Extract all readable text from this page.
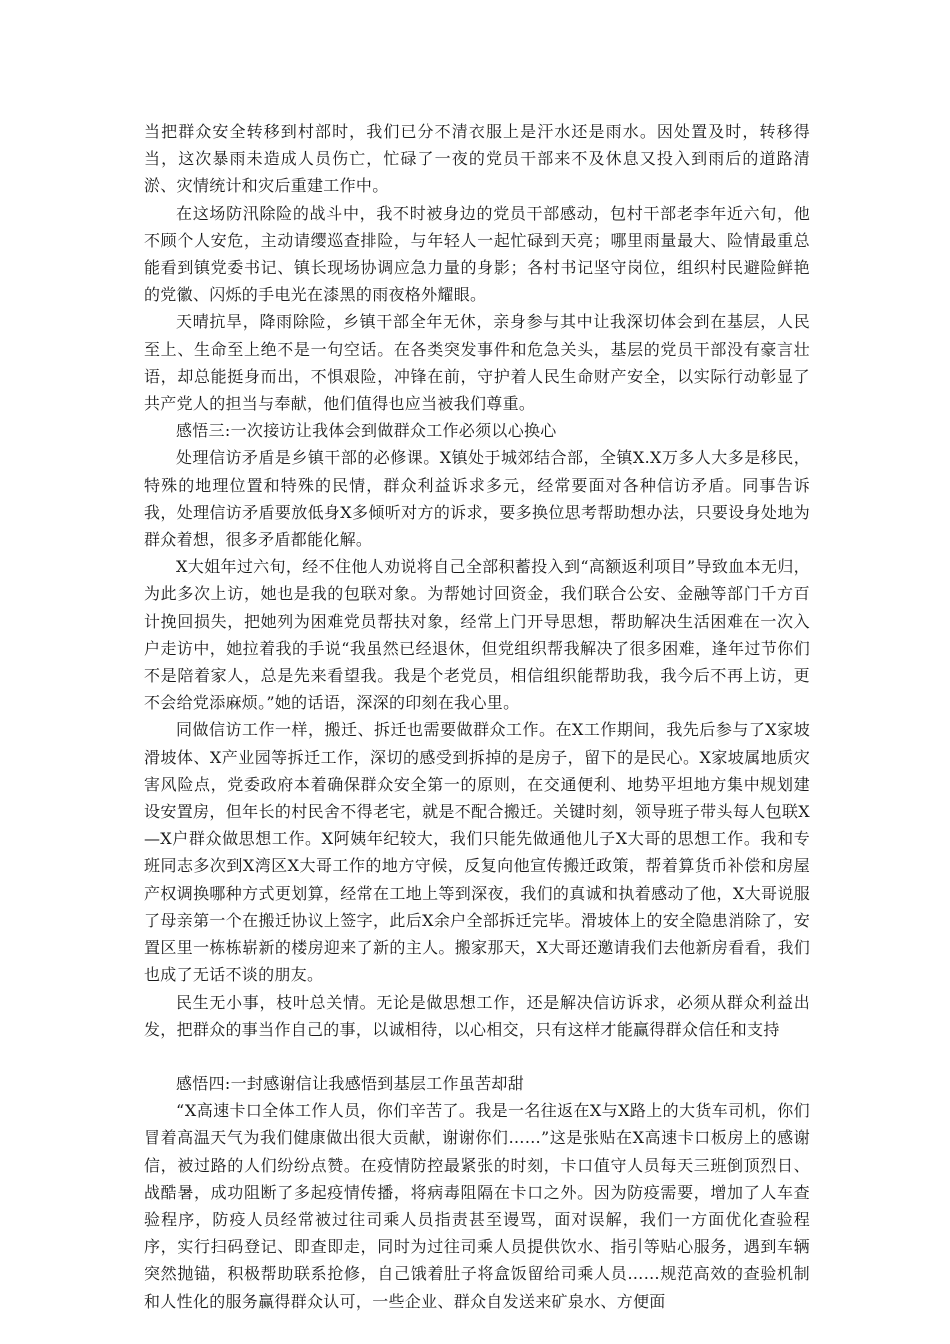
当把群众安全转移到村部时，我们已分不清衣服上是汗水还是雨水。因处置及时，转移得当，这次暴雨未造成人员伤亡，忙碌了一夜的党员干部来不及休息又投入到雨后的道路清淤、灾情统计和灾后重建工作中。

在这场防汛除险的战斗中，我不时被身边的党员干部感动，包村干部老李年近六旬，他不顾个人安危，主动请缨巡查排险，与年轻人一起忙碌到天亮；哪里雨量最大、险情最重总能看到镇党委书记、镇长现场协调应急力量的身影；各村书记坚守岗位，组织村民避险鲜艳的党徽、闪烁的手电光在漆黑的雨夜格外耀眼。

天晴抗旱，降雨除险，乡镇干部全年无休，亲身参与其中让我深切体会到在基层，人民至上、生命至上绝不是一句空话。在各类突发事件和危急关头，基层的党员干部没有豪言壮语，却总能挺身而出，不惧艰险，冲锋在前，守护着人民生命财产安全，以实际行动彰显了共产党人的担当与奉献，他们值得也应当被我们尊重。

感悟三:一次接访让我体会到做群众工作必须以心换心

处理信访矛盾是乡镇干部的必修课。X镇处于城郊结合部，全镇X.X万多人大多是移民，特殊的地理位置和特殊的民情，群众利益诉求多元，经常要面对各种信访矛盾。同事告诉我，处理信访矛盾要放低身X多倾听对方的诉求，要多换位思考帮助想办法，只要设身处地为群众着想，很多矛盾都能化解。

X大姐年过六旬，经不住他人劝说将自己全部积蓄投入到“高额返利项目”导致血本无归，为此多次上访，她也是我的包联对象。为帮她讨回资金，我们联合公安、金融等部门千方百计挽回损失，把她列为困难党员帮扶对象，经常上门开导思想，帮助解决生活困难在一次入户走访中，她拉着我的手说“我虽然已经退休，但党组织帮我解决了很多困难，逢年过节你们不是陪着家人，总是先来看望我。我是个老党员，相信组织能帮助我，我今后不再上访，更不会给党添麻烦。”她的话语，深深的印刻在我心里。

同做信访工作一样，搬迁、拆迁也需要做群众工作。在X工作期间，我先后参与了X家坡滑坡体、X产业园等拆迁工作，深切的感受到拆掉的是房子，留下的是民心。X家坡属地质灾害风险点，党委政府本着确保群众安全第一的原则，在交通便利、地势平坦地方集中规划建设安置房，但年长的村民舍不得老宅，就是不配合搬迁。关键时刻，领导班子带头每人包联X—X户群众做思想工作。X阿姨年纪较大，我们只能先做通他儿子X大哥的思想工作。我和专班同志多次到X湾区X大哥工作的地方守候，反复向他宣传搬迁政策，帮着算货币补偿和房屋产权调换哪种方式更划算，经常在工地上等到深夜，我们的真诚和执着感动了他，X大哥说服了母亲第一个在搬迁协议上签字，此后X余户全部拆迁完毕。滑坡体上的安全隐患消除了，安置区里一栋栋崭新的楼房迎来了新的主人。搬家那天，X大哥还邀请我们去他新房看看，我们也成了无话不谈的朋友。

民生无小事，枝叶总关情。无论是做思想工作，还是解决信访诉求，必须从群众利益出发，把群众的事当作自己的事，以诚相待，以心相交，只有这样才能赢得群众信任和支持

感悟四:一封感谢信让我感悟到基层工作虽苦却甜

“X高速卡口全体工作人员，你们辛苦了。我是一名往返在X与X路上的大货车司机，你们冒着高温天气为我们健康做出很大贡献，谢谢你们……”这是张贴在X高速卡口板房上的感谢信，被过路的人们纷纷点赞。在疫情防控最紧张的时刻，卡口值守人员每天三班倒顶烈日、战酷暑，成功阻断了多起疫情传播，将病毒阻隔在卡口之外。因为防疫需要，增加了人车查验程序，防疫人员经常被过往司乘人员指责甚至谩骂，面对误解，我们一方面优化查验程序，实行扫码登记、即查即走，同时为过往司乘人员提供饮水、指引等贴心服务，遇到车辆突然抛锚，积极帮助联系抢修，自己饿着肚子将盒饭留给司乘人员……规范高效的查验机制和人性化的服务赢得群众认可，一些企业、群众自发送来矿泉水、方便面
